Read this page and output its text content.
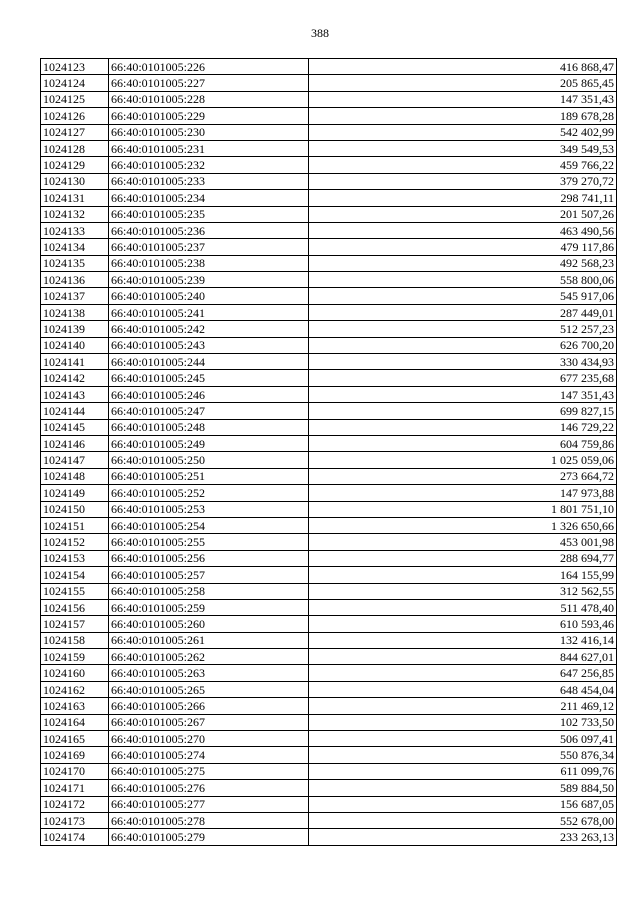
388
1024123	66:40:0101005:226	416 868,47
1024124	66:40:0101005:227	205 865,45
1024125	66:40:0101005:228	147 351,43
1024126	66:40:0101005:229	189 678,28
1024127	66:40:0101005:230	542 402,99
1024128	66:40:0101005:231	349 549,53
1024129	66:40:0101005:232	459 766,22
1024130	66:40:0101005:233	379 270,72
1024131	66:40:0101005:234	298 741,11
1024132	66:40:0101005:235	201 507,26
1024133	66:40:0101005:236	463 490,56
1024134	66:40:0101005:237	479 117,86
1024135	66:40:0101005:238	492 568,23
1024136	66:40:0101005:239	558 800,06
1024137	66:40:0101005:240	545 917,06
1024138	66:40:0101005:241	287 449,01
1024139	66:40:0101005:242	512 257,23
1024140	66:40:0101005:243	626 700,20
1024141	66:40:0101005:244	330 434,93
1024142	66:40:0101005:245	677 235,68
1024143	66:40:0101005:246	147 351,43
1024144	66:40:0101005:247	699 827,15
1024145	66:40:0101005:248	146 729,22
1024146	66:40:0101005:249	604 759,86
1024147	66:40:0101005:250	1 025 059,06
1024148	66:40:0101005:251	273 664,72
1024149	66:40:0101005:252	147 973,88
1024150	66:40:0101005:253	1 801 751,10
1024151	66:40:0101005:254	1 326 650,66
1024152	66:40:0101005:255	453 001,98
1024153	66:40:0101005:256	288 694,77
1024154	66:40:0101005:257	164 155,99
1024155	66:40:0101005:258	312 562,55
1024156	66:40:0101005:259	511 478,40
1024157	66:40:0101005:260	610 593,46
1024158	66:40:0101005:261	132 416,14
1024159	66:40:0101005:262	844 627,01
1024160	66:40:0101005:263	647 256,85
1024162	66:40:0101005:265	648 454,04
1024163	66:40:0101005:266	211 469,12
1024164	66:40:0101005:267	102 733,50
1024165	66:40:0101005:270	506 097,41
1024169	66:40:0101005:274	550 876,34
1024170	66:40:0101005:275	611 099,76
1024171	66:40:0101005:276	589 884,50
1024172	66:40:0101005:277	156 687,05
1024173	66:40:0101005:278	552 678,00
1024174	66:40:0101005:279	233 263,13
